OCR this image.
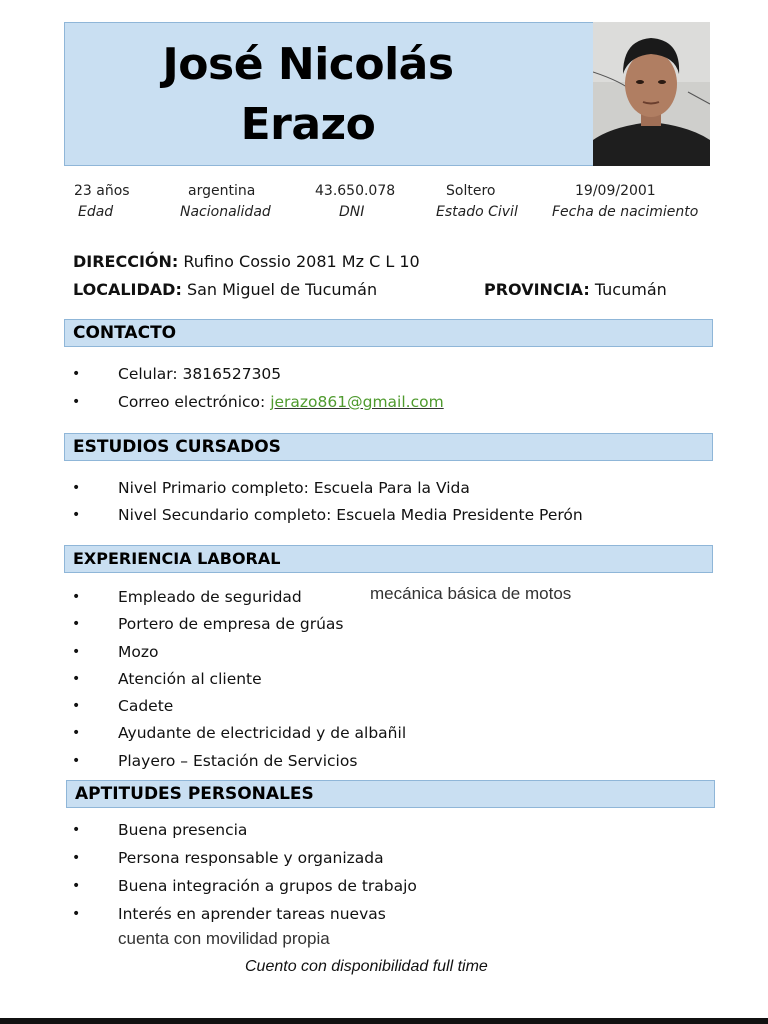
José Nicolás
Erazo
23 años
Edad
argentina
Nacionalidad
43.650.078
DNI
Soltero
Estado Civil
19/09/2001
Fecha de nacimiento
DIRECCIÓN: Rufino Cossio 2081 Mz C L 10
LOCALIDAD: San Miguel de Tucumán	PROVINCIA: Tucumán
CONTACTO
• Celular: 3816527305
• Correo electrónico: jerazo861@gmail.com
ESTUDIOS CURSADOS
• Nivel Primario completo: Escuela Para la Vida
• Nivel Secundario completo: Escuela Media Presidente Perón
EXPERIENCIA LABORAL
• Empleado de seguridad	mecánica básica de motos
• Portero de empresa de grúas
• Mozo
• Atención al cliente
• Cadete
• Ayudante de electricidad y de albañil
• Playero – Estación de Servicios
APTITUDES PERSONALES
• Buena presencia
• Persona responsable y organizada
• Buena integración a grupos de trabajo
• Interés en aprender tareas nuevas
cuenta con movilidad propia
Cuento con disponibilidad full time
